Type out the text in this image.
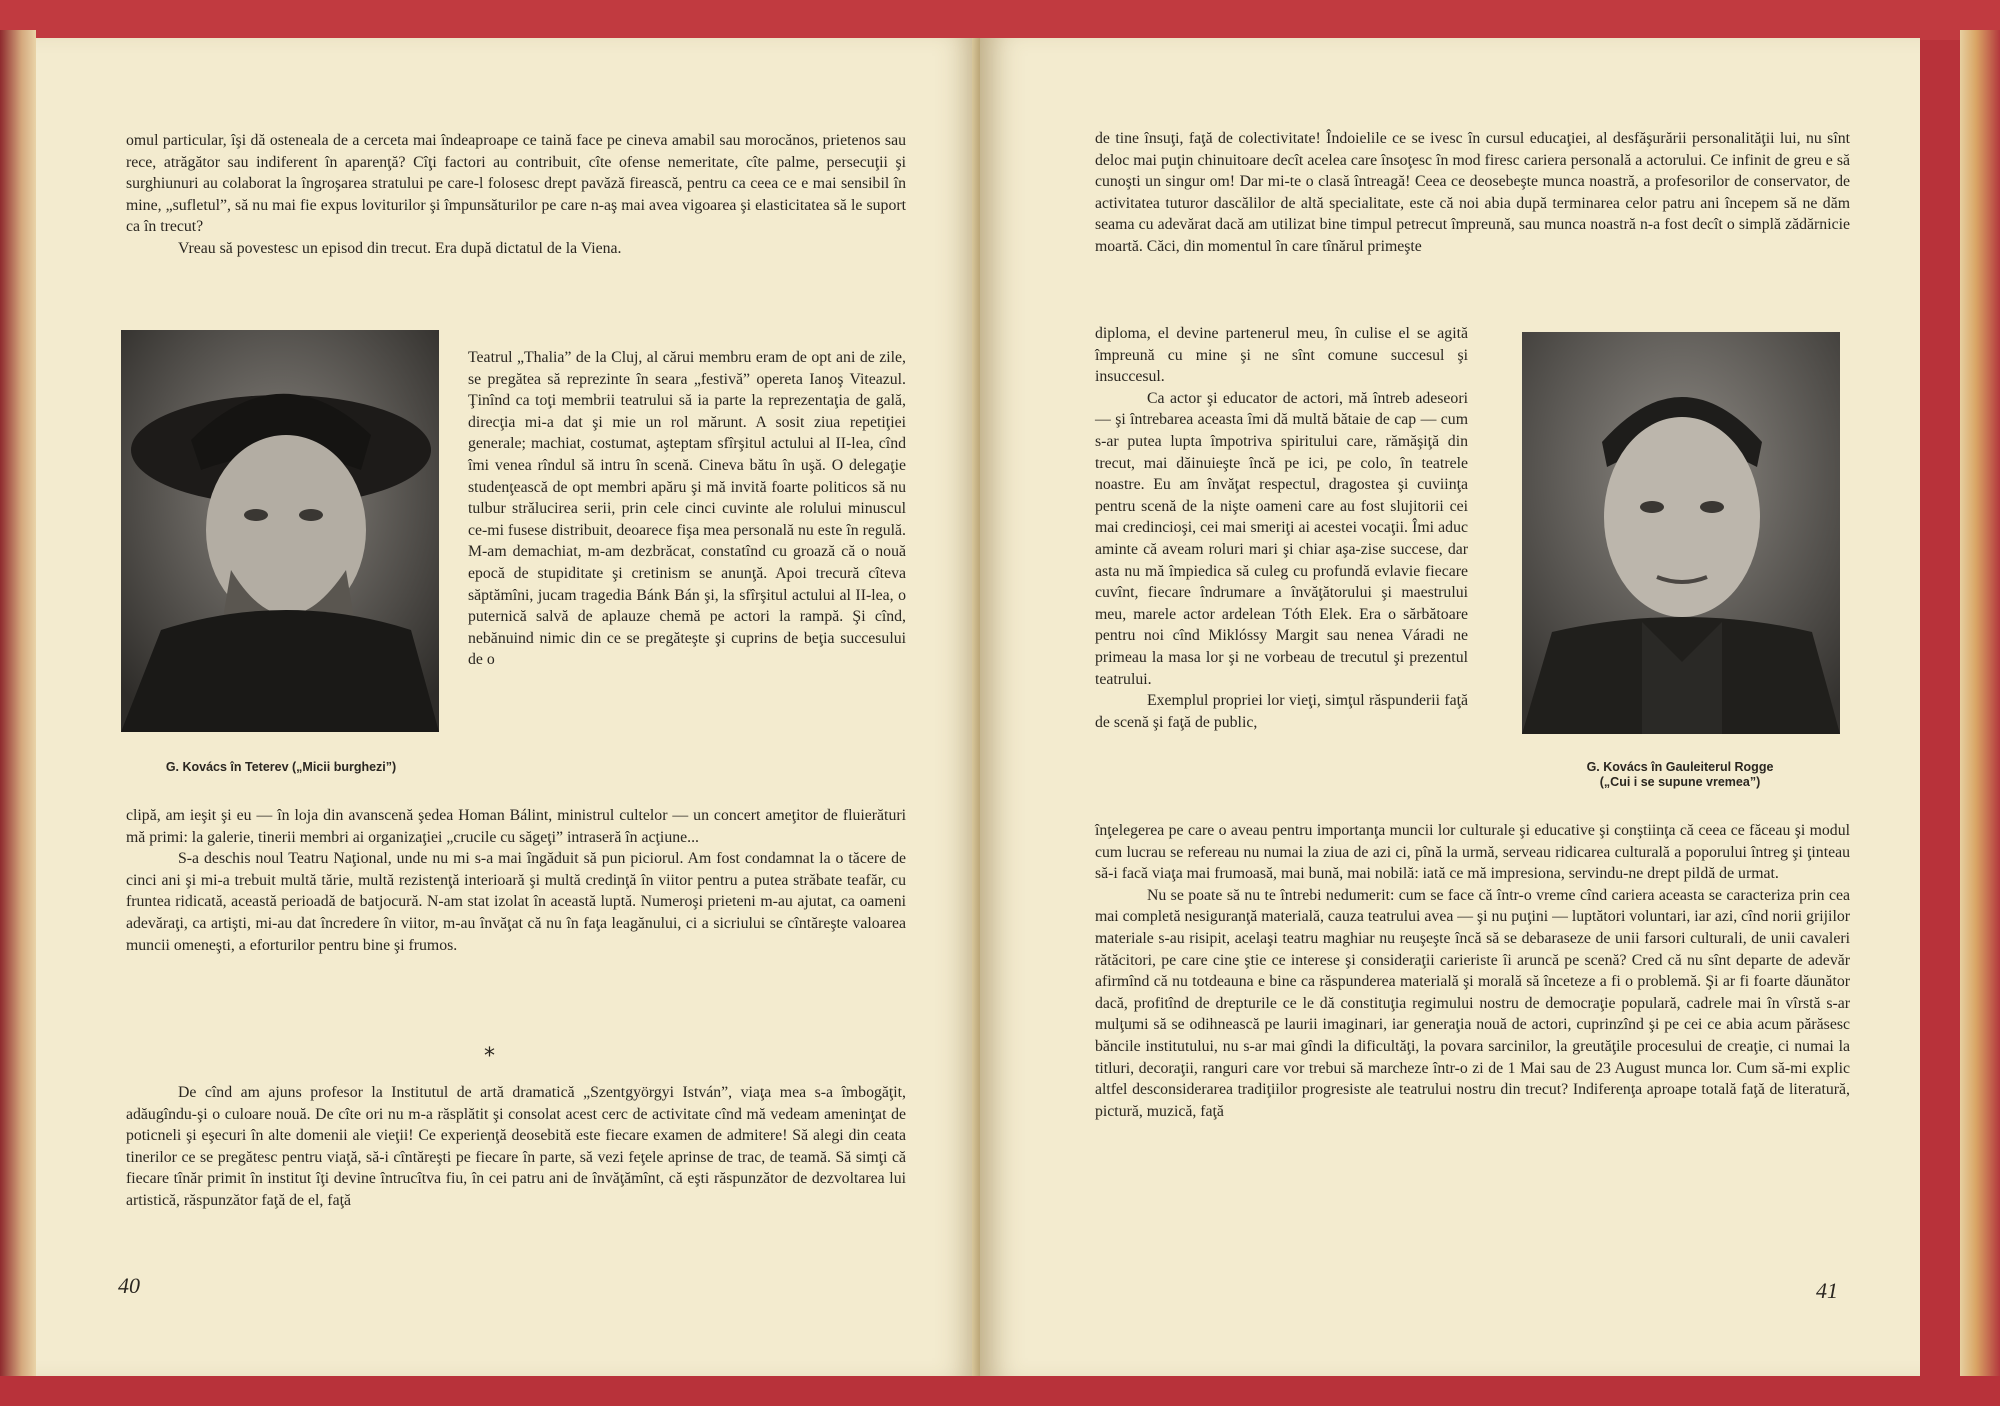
omul particular, îşi dă osteneala de a cerceta mai îndeaproape ce taină face pe cineva amabil sau morocănos, prietenos sau rece, atrăgător sau indiferent în aparenţă? Cîţi factori au contribuit, cîte ofense nemeritate, cîte palme, persecuţii şi surghiunuri au colaborat la îngroşarea stratului pe care-l folosesc drept pavăză firească, pentru ca ceea ce e mai sensibil în mine, „sufletul”, să nu mai fie expus loviturilor şi împunsăturilor pe care n-aş mai avea vigoarea şi elasticitatea să le suport ca în trecut?

Vreau să povestesc un episod din trecut. Era după dictatul de la Viena.

G. Kovács în Teterev („Micii burghezi”)

Teatrul „Thalia” de la Cluj, al cărui membru eram de opt ani de zile, se pregătea să reprezinte în seara „festivă” opereta Ianoş Viteazul. Ţinînd ca toţi membrii teatrului să ia parte la reprezentaţia de gală, direcţia mi-a dat şi mie un rol mărunt. A sosit ziua repetiţiei generale; machiat, costumat, aşteptam sfîrşitul actului al II-lea, cînd îmi venea rîndul să intru în scenă. Cineva bătu în uşă. O delegaţie studenţească de opt membri apăru şi mă invită foarte politicos să nu tulbur strălucirea serii, prin cele cinci cuvinte ale rolului minuscul ce-mi fusese distribuit, deoarece fişa mea personală nu este în regulă. M-am demachiat, m-am dezbrăcat, constatînd cu groază că o nouă epocă de stupiditate şi cretinism se anunţă. Apoi trecură cîteva săptămîni, jucam tragedia Bánk Bán şi, la sfîrşitul actului al II-lea, o puternică salvă de aplauze chemă pe actori la rampă. Şi cînd, nebănuind nimic din ce se pregăteşte şi cuprins de beţia succesului de o

clipă, am ieşit şi eu — în loja din avanscenă şedea Homan Bálint, ministrul cultelor — un concert ameţitor de fluierături mă primi: la galerie, tinerii membri ai organizaţiei „crucile cu săgeţi” intraseră în acţiune...

S-a deschis noul Teatru Naţional, unde nu mi s-a mai îngăduit să pun piciorul. Am fost condamnat la o tăcere de cinci ani şi mi-a trebuit multă tărie, multă rezistenţă interioară şi multă credinţă în viitor pentru a putea străbate teafăr, cu fruntea ridicată, această perioadă de batjocură. N-am stat izolat în această luptă. Numeroşi prieteni m-au ajutat, ca oameni adevăraţi, ca artişti, mi-au dat încredere în viitor, m-au învăţat că nu în faţa leagănului, ci a sicriului se cîntăreşte valoarea muncii omeneşti, a eforturilor pentru bine şi frumos.

*

De cînd am ajuns profesor la Institutul de artă dramatică „Szentgyörgyi István”, viaţa mea s-a îmbogăţit, adăugîndu-şi o culoare nouă. De cîte ori nu m-a răsplătit şi consolat acest cerc de activitate cînd mă vedeam ameninţat de poticneli şi eşecuri în alte domenii ale vieţii! Ce experienţă deosebită este fiecare examen de admitere! Să alegi din ceata tinerilor ce se pregătesc pentru viaţă, să-i cîntăreşti pe fiecare în parte, să vezi feţele aprinse de trac, de teamă. Să simţi că fiecare tînăr primit în institut îţi devine întrucîtva fiu, în cei patru ani de învăţămînt, că eşti răspunzător de dezvoltarea lui artistică, răspunzător faţă de el, faţă

40

de tine însuţi, faţă de colectivitate! Îndoielile ce se ivesc în cursul educaţiei, al desfăşurării personalităţii lui, nu sînt deloc mai puţin chinuitoare decît acelea care însoţesc în mod firesc cariera personală a actorului. Ce infinit de greu e să cunoşti un singur om! Dar mi-te o clasă întreagă! Ceea ce deosebeşte munca noastră, a profesorilor de conservator, de activitatea tuturor dascălilor de altă specialitate, este că noi abia după terminarea celor patru ani începem să ne dăm seama cu adevărat dacă am utilizat bine timpul petrecut împreună, sau munca noastră n-a fost decît o simplă zădărnicie moartă. Căci, din momentul în care tînărul primeşte

diploma, el devine partenerul meu, în culise el se agită împreună cu mine şi ne sînt comune succesul şi insuccesul.

Ca actor şi educator de actori, mă întreb adeseori — şi întrebarea aceasta îmi dă multă bătaie de cap — cum s-ar putea lupta împotriva spiritului care, rămăşiţă din trecut, mai dăinuieşte încă pe ici, pe colo, în teatrele noastre. Eu am învăţat respectul, dragostea şi cuviinţa pentru scenă de la nişte oameni care au fost slujitorii cei mai credincioşi, cei mai smeriţi ai acestei vocaţii. Îmi aduc aminte că aveam roluri mari şi chiar aşa-zise succese, dar asta nu mă împiedica să culeg cu profundă evlavie fiecare cuvînt, fiecare îndrumare a învăţătorului şi maestrului meu, marele actor ardelean Tóth Elek. Era o sărbătoare pentru noi cînd Miklóssy Margit sau nenea Váradi ne primeau la masa lor şi ne vorbeau de trecutul şi prezentul teatrului.

Exemplul propriei lor vieţi, simţul răspunderii faţă de scenă şi faţă de public,

G. Kovács în Gauleiterul Rogge
(„Cui i se supune vremea”)

înţelegerea pe care o aveau pentru importanţa muncii lor culturale şi educative şi conştiinţa că ceea ce făceau şi modul cum lucrau se refereau nu numai la ziua de azi ci, pînă la urmă, serveau ridicarea culturală a poporului întreg şi ţinteau să-i facă viaţa mai frumoasă, mai bună, mai nobilă: iată ce mă impresiona, servindu-ne drept pildă de urmat.

Nu se poate să nu te întrebi nedumerit: cum se face că într-o vreme cînd cariera aceasta se caracteriza prin cea mai completă nesiguranţă materială, cauza teatrului avea — şi nu puţini — luptători voluntari, iar azi, cînd norii grijilor materiale s-au risipit, acelaşi teatru maghiar nu reuşeşte încă să se debaraseze de unii farsori culturali, de unii cavaleri rătăcitori, pe care cine ştie ce interese şi consideraţii carieriste îi aruncă pe scenă? Cred că nu sînt departe de adevăr afirmînd că nu totdeauna e bine ca răspunderea materială şi morală să înceteze a fi o problemă. Şi ar fi foarte dăunător dacă, profitînd de drepturile ce le dă constituţia regimului nostru de democraţie populară, cadrele mai în vîrstă s-ar mulţumi să se odihnească pe laurii imaginari, iar generaţia nouă de actori, cuprinzînd şi pe cei ce abia acum părăsesc băncile institutului, nu s-ar mai gîndi la dificultăţi, la povara sarcinilor, la greutăţile procesului de creaţie, ci numai la titluri, decoraţii, ranguri care vor trebui să marcheze într-o zi de 1 Mai sau de 23 August munca lor. Cum să-mi explic altfel desconsiderarea tradiţiilor progresiste ale teatrului nostru din trecut? Indiferenţa aproape totală faţă de literatură, pictură, muzică, faţă

41
